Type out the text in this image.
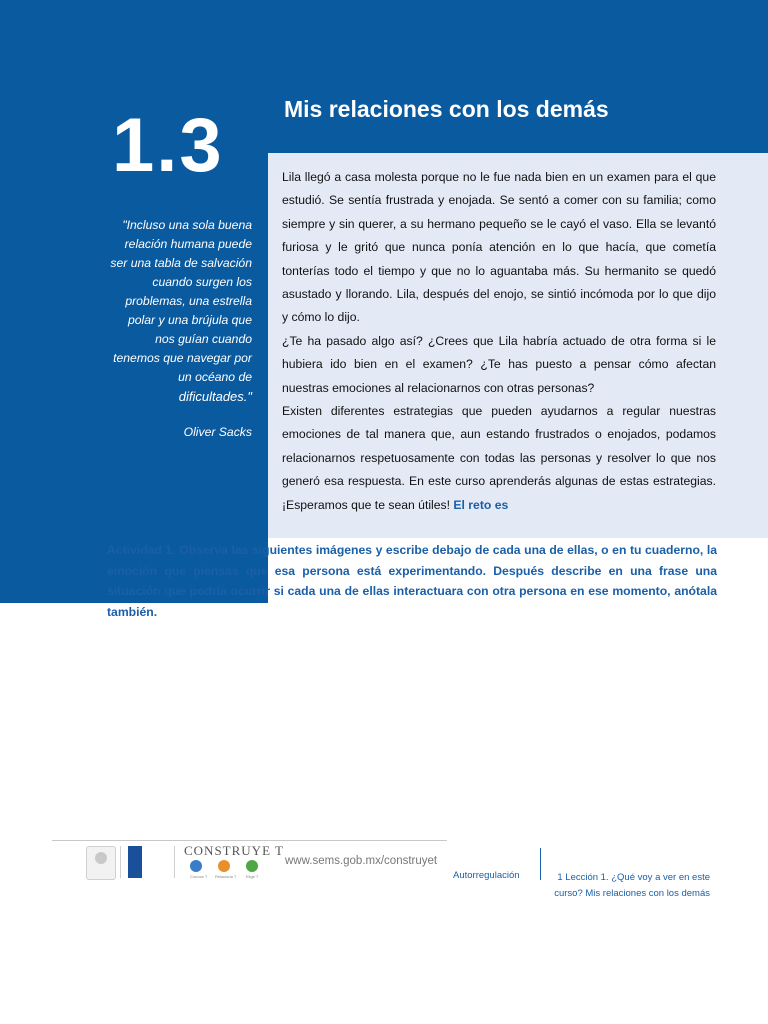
1.3	Mis relaciones con los demás
"Incluso una sola buena relación humana puede ser una tabla de salvación cuando surgen los problemas, una estrella polar y una brújula que nos guían cuando tenemos que navegar por un océano de
dificultades."
Oliver Sacks

Lila llegó a casa molesta porque no le fue nada bien en un examen para el que estudió. Se sentía frustrada y enojada. Se sentó a comer con su familia; como siempre y sin querer, a su hermano pequeño se le cayó el vaso. Ella se levantó furiosa y le gritó que nunca ponía atención en lo que hacía, que cometía tonterías todo el tiempo y que no lo aguantaba más. Su hermanito se quedó asustado y llorando. Lila, después del enojo, se sintió incómoda por lo que dijo y cómo lo dijo.

¿Te ha pasado algo así? ¿Crees que Lila habría actuado de otra forma si le hubiera ido bien en el examen? ¿Te has puesto a pensar cómo afectan nuestras emociones al relacionarnos con otras personas?

Existen diferentes estrategias que pueden ayudarnos a regular nuestras emociones de tal manera que, aun estando frustrados o enojados, podamos relacionarnos respetuosamente con todas las personas y resolver lo que nos generó esa respuesta. En este curso aprenderás algunas de estas estrategias. ¡Esperamos que te sean útiles! El reto es

Actividad 1. Observa las siguientes imágenes y escribe debajo de cada una de ellas, o en tu cuaderno, la emoción que piensas que esa persona está experimentando. Después describe en una frase una situación que podría ocurrir si cada una de ellas interactuara con otra persona en ese momento, anótala también.
CONSTRUYE T
Conoce T Relaciona T Elige T
www.sems.gob.mx/construyet
Autorregulación	1 Lección 1. ¿Qué voy a ver en este curso? Mis relaciones con los demás
